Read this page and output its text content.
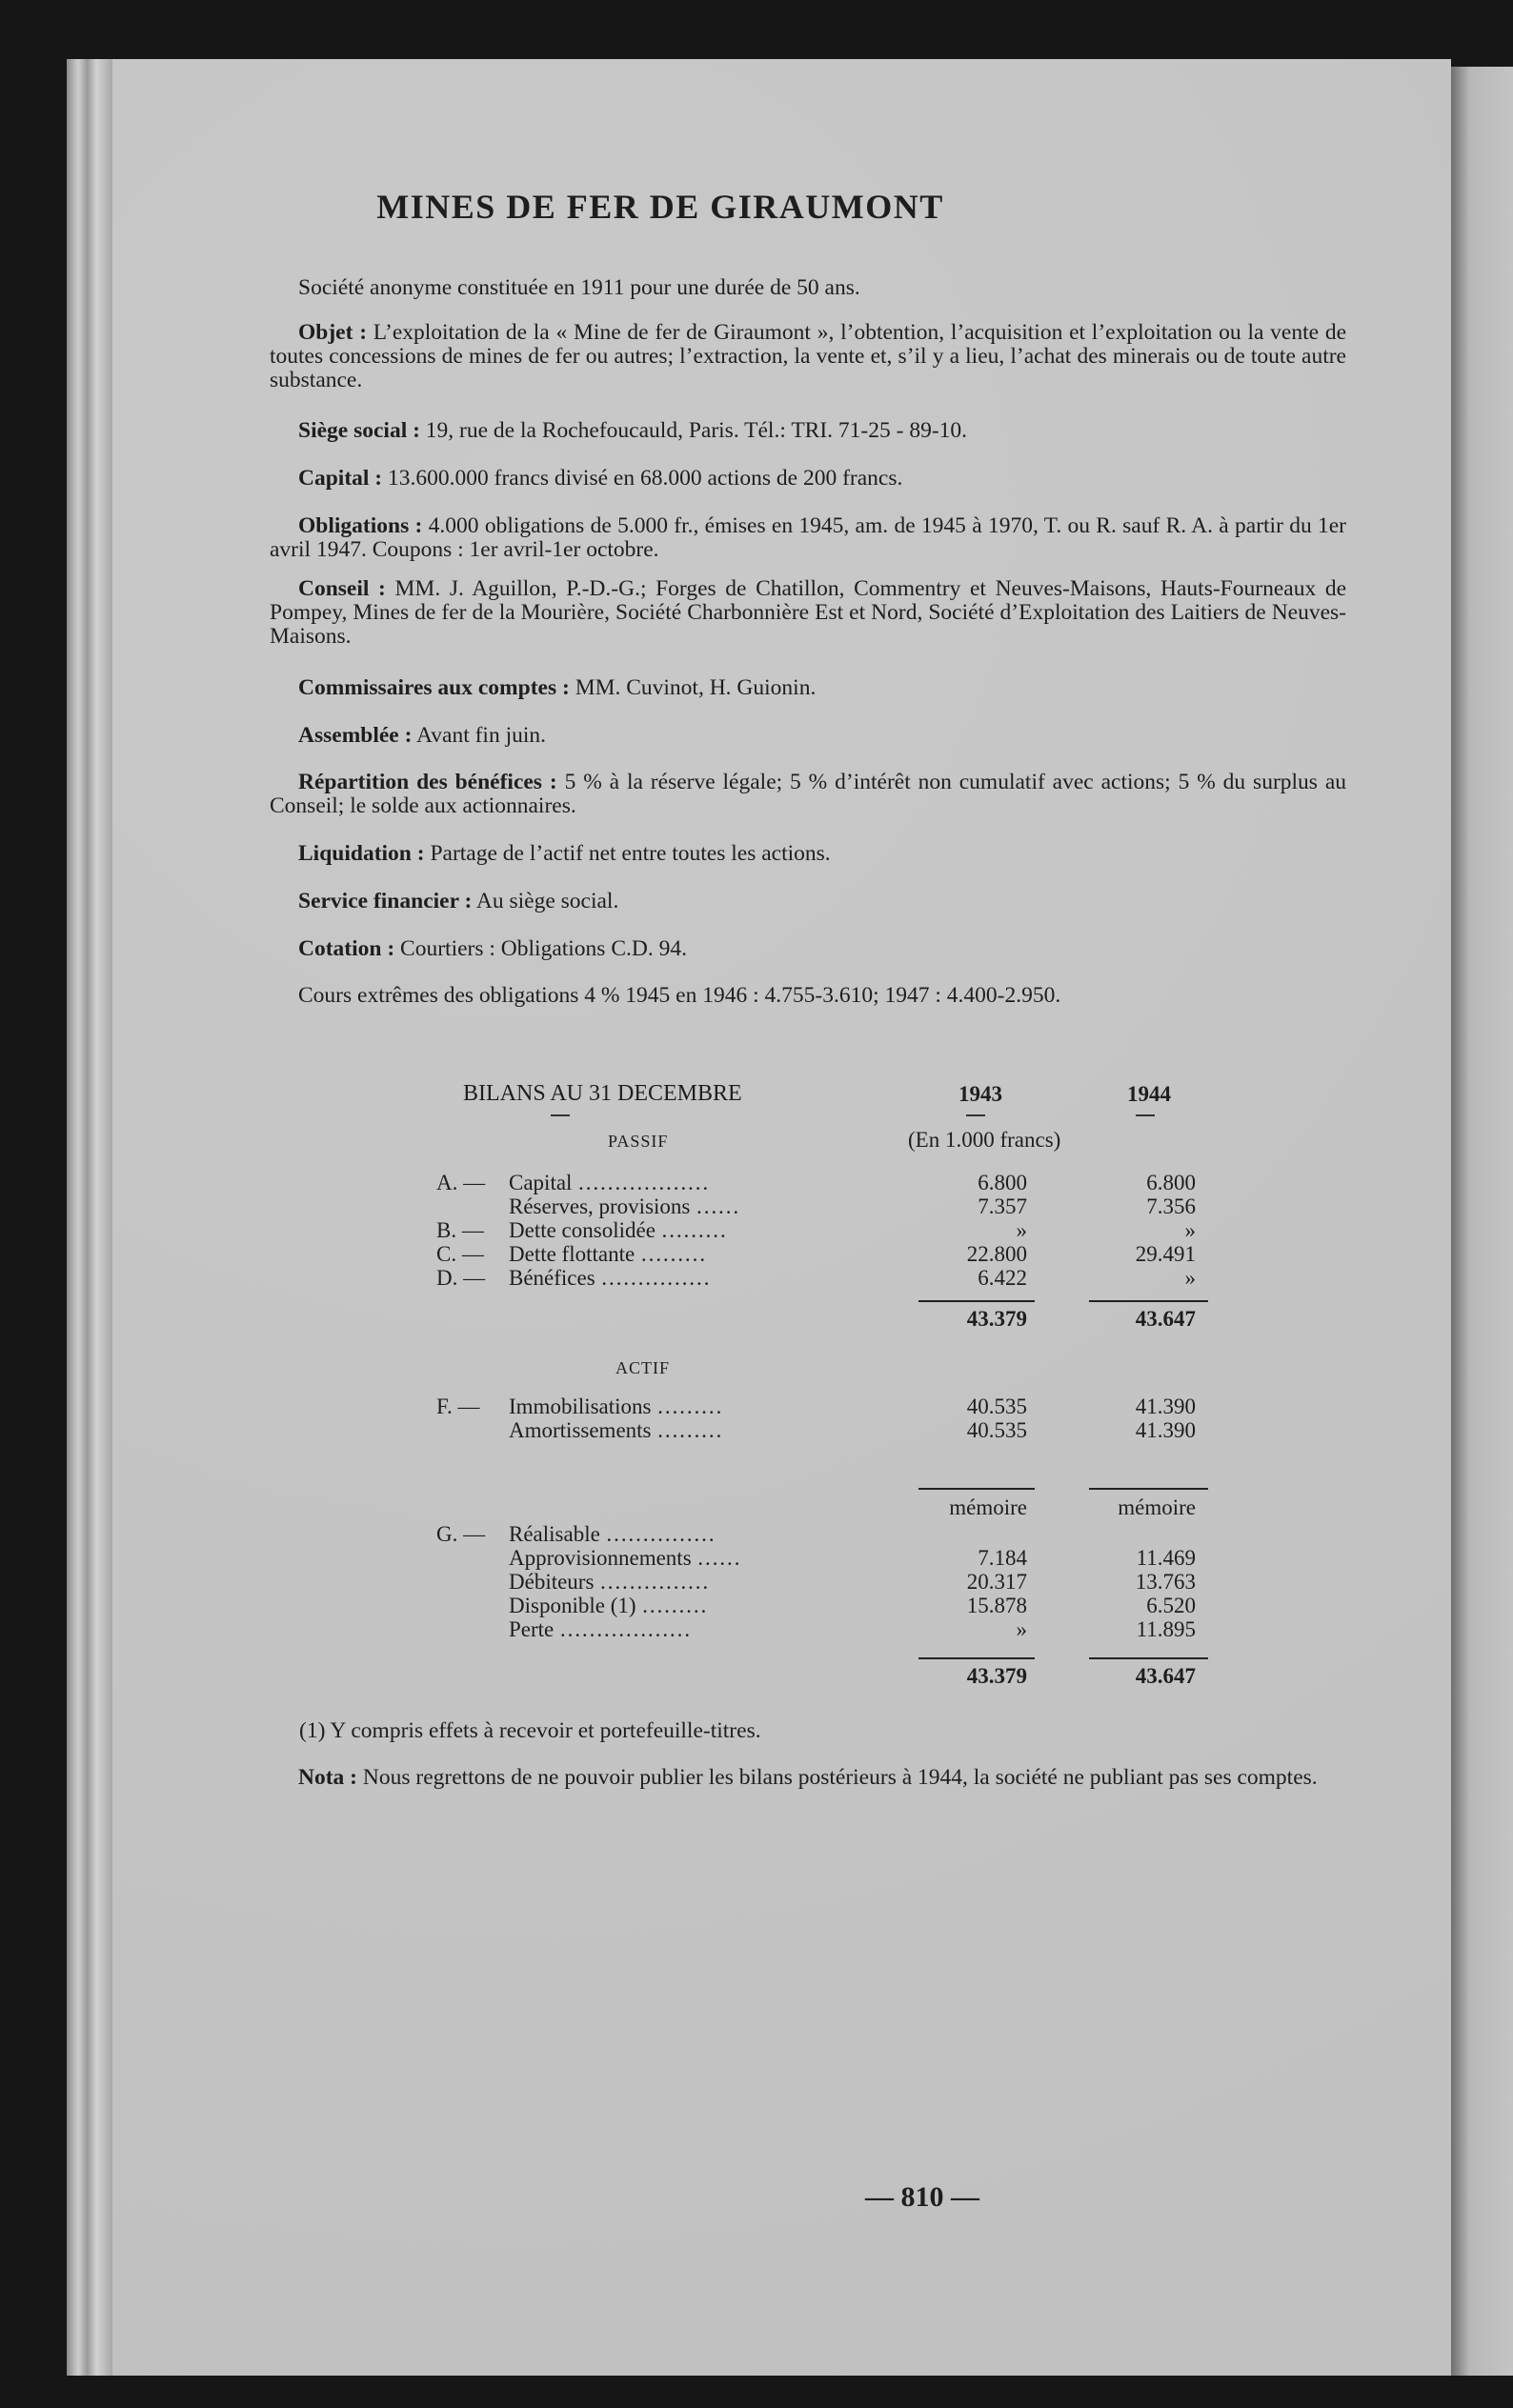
MINES DE FER DE GIRAUMONT
Société anonyme constituée en 1911 pour une durée de 50 ans.
Objet : L’exploitation de la « Mine de fer de Giraumont », l’obtention, l’acquisition et l’exploitation ou la vente de toutes concessions de mines de fer ou autres; l’extraction, la vente et, s’il y a lieu, l’achat des minerais ou de toute autre substance.
Siège social : 19, rue de la Rochefoucauld, Paris. Tél.: TRI. 71-25 - 89-10.
Capital : 13.600.000 francs divisé en 68.000 actions de 200 francs.
Obligations : 4.000 obligations de 5.000 fr., émises en 1945, am. de 1945 à 1970, T. ou R. sauf R. A. à partir du 1er avril 1947. Coupons : 1er avril-1er octobre.
Conseil : MM. J. Aguillon, P.-D.-G.; Forges de Chatillon, Commentry et Neuves-Maisons, Hauts-Fourneaux de Pompey, Mines de fer de la Mourière, Société Charbonnière Est et Nord, Société d’Exploitation des Laitiers de Neuves-Maisons.
Commissaires aux comptes : MM. Cuvinot, H. Guionin.
Assemblée : Avant fin juin.
Répartition des bénéfices : 5 % à la réserve légale; 5 % d’intérêt non cumulatif avec actions; 5 % du surplus au Conseil; le solde aux actionnaires.
Liquidation : Partage de l’actif net entre toutes les actions.
Service financier : Au siège social.
Cotation : Courtiers : Obligations C.D. 94.
Cours extrêmes des obligations 4 % 1945 en 1946 : 4.755-3.610; 1947 : 4.400-2.950.
BILANS AU 31 DECEMBRE	1943	1944
PASSIF	(En 1.000 francs)
A. — Capital ………………	6.800	6.800
Réserves, provisions ……	7.357	7.356
B. — Dette consolidée ………	»	»
C. — Dette flottante ………	22.800	29.491
D. — Bénéfices ……………	6.422	»
43.379	43.647
ACTIF
F. — Immobilisations ………	40.535	41.390
Amortissements ………	40.535	41.390
mémoire	mémoire
G. — Réalisable ……………
Approvisionnements ……	7.184	11.469
Débiteurs ……………	20.317	13.763
Disponible (1) ………	15.878	6.520
Perte ………………	»	11.895
43.379	43.647
(1) Y compris effets à recevoir et portefeuille-titres.
Nota : Nous regrettons de ne pouvoir publier les bilans postérieurs à 1944, la société ne publiant pas ses comptes.
— 810 —
